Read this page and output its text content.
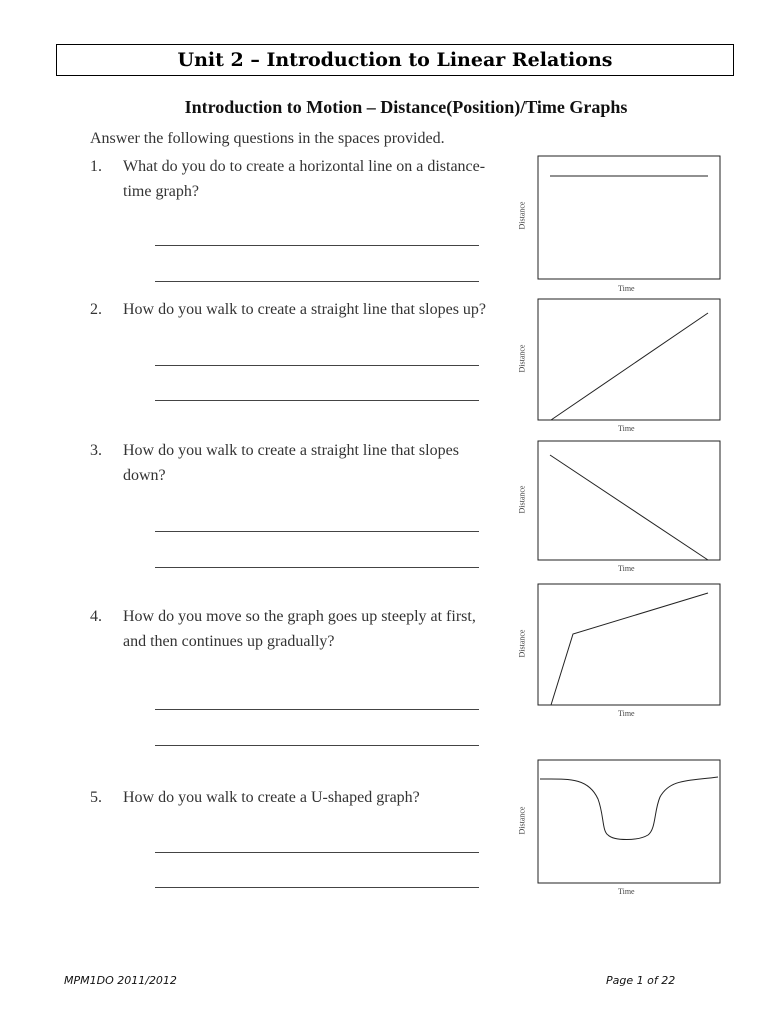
Unit 2 – Introduction to Linear Relations
Introduction to Motion – Distance(Position)/Time Graphs
Answer the following questions in the spaces provided.
1. What do you do to create a horizontal line on a distance-time graph?
2. How do you walk to create a straight line that slopes up?
3. How do you walk to create a straight line that slopes down?
4. How do you move so the graph goes up steeply at first, and then continues up gradually?
5. How do you walk to create a U-shaped graph?
Distance
Time
Distance
Time
Distance
Time
Distance
Time
Distance
Time
MPM1DO 2011/2012	Page 1 of 22
